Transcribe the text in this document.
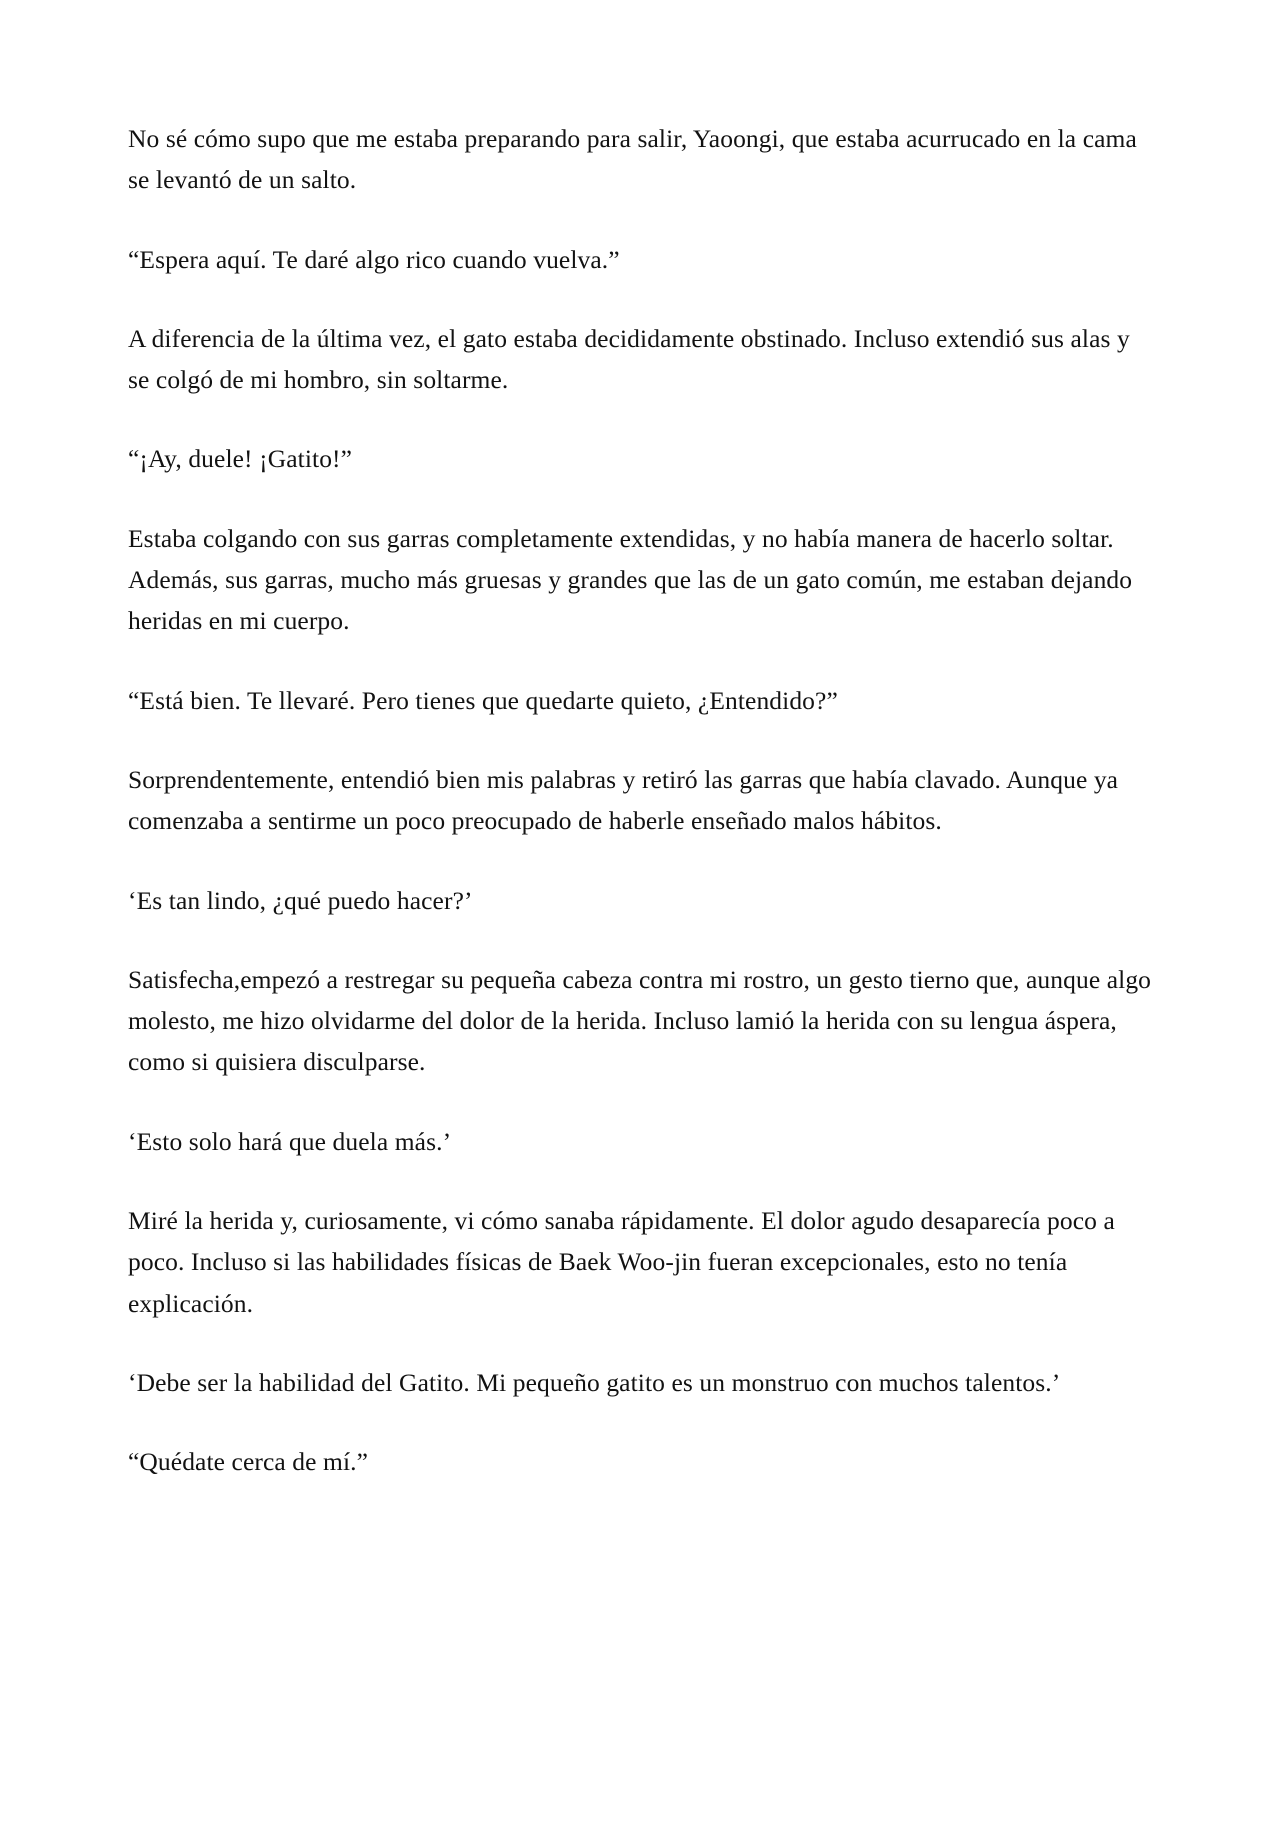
No sé cómo supo que me estaba preparando para salir, Yaoongi, que estaba acurrucado en la cama se levantó de un salto.

“Espera aquí. Te daré algo rico cuando vuelva.”

A diferencia de la última vez, el gato estaba decididamente obstinado. Incluso extendió sus alas y se colgó de mi hombro, sin soltarme.

“¡Ay, duele! ¡Gatito!”

Estaba colgando con sus garras completamente extendidas, y no había manera de hacerlo soltar. Además, sus garras, mucho más gruesas y grandes que las de un gato común, me estaban dejando heridas en mi cuerpo.

“Está bien. Te llevaré. Pero tienes que quedarte quieto, ¿Entendido?”

Sorprendentemente, entendió bien mis palabras y retiró las garras que había clavado. Aunque ya comenzaba a sentirme un poco preocupado de haberle enseñado malos hábitos.

‘Es tan lindo, ¿qué puedo hacer?’

Satisfecha,empezó a restregar su pequeña cabeza contra mi rostro, un gesto tierno que, aunque algo molesto, me hizo olvidarme del dolor de la herida. Incluso lamió la herida con su lengua áspera, como si quisiera disculparse.

‘Esto solo hará que duela más.’

Miré la herida y, curiosamente, vi cómo sanaba rápidamente. El dolor agudo desaparecía poco a poco. Incluso si las habilidades físicas de Baek Woo-jin fueran excepcionales, esto no tenía explicación.

‘Debe ser la habilidad del Gatito. Mi pequeño gatito es un monstruo con muchos talentos.’

“Quédate cerca de mí.”
